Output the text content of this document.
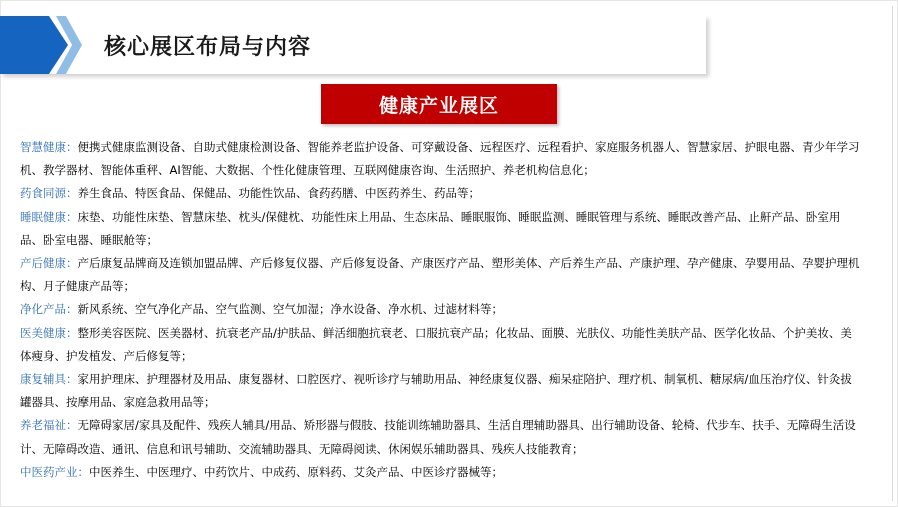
核心展区布局与内容
健康产业展区

智慧健康：便携式健康监测设备、自助式健康检测设备、智能养老监护设备、可穿戴设备、远程医疗、远程看护、家庭服务机器人、智慧家居、护眼电器、青少年学习机、教学器材、智能体重秤、AI智能、大数据、个性化健康管理、互联网健康咨询、生活照护、养老机构信息化；

药食同源：养生食品、特医食品、保健品、功能性饮品、食药药膳、中医药养生、药品等；

睡眠健康：床垫、功能性床垫、智慧床垫、枕头/保健枕、功能性床上用品、生态床品、睡眠服饰、睡眠监测、睡眠管理与系统、睡眠改善产品、止鼾产品、卧室用品、卧室电器、睡眠舱等；

产后健康：产后康复品牌商及连锁加盟品牌、产后修复仪器、产后修复设备、产康医疗产品、塑形美体、产后养生产品、产康护理、孕产健康、孕婴用品、孕婴护理机构、月子健康产品等；

净化产品：新风系统、空气净化产品、空气监测、空气加湿；净水设备、净水机、过滤材料等；

医美健康：整形美容医院、医美器材、抗衰老产品/护肤品、鲜活细胞抗衰老、口服抗衰产品；化妆品、面膜、光肤仪、功能性美肤产品、医学化妆品、个护美妆、美体瘦身、护发植发、产后修复等；

康复辅具：家用护理床、护理器材及用品、康复器材、口腔医疗、视听诊疗与辅助用品、神经康复仪器、痴呆症陪护、理疗机、制氧机、糖尿病/血压治疗仪、针灸拔罐器具、按摩用品、家庭急救用品等；

养老福祉：无障碍家居/家具及配件、残疾人辅具/用品、矫形器与假肢、技能训练辅助器具、生活自理辅助器具、出行辅助设备、轮椅、代步车、扶手、无障碍生活设计、无障碍改造、通讯、信息和讯号辅助、交流辅助器具、无障碍阅读、休闲娱乐辅助器具、残疾人技能教育；

中医药产业：中医养生、中医理疗、中药饮片、中成药、原料药、艾灸产品、中医诊疗器械等；
